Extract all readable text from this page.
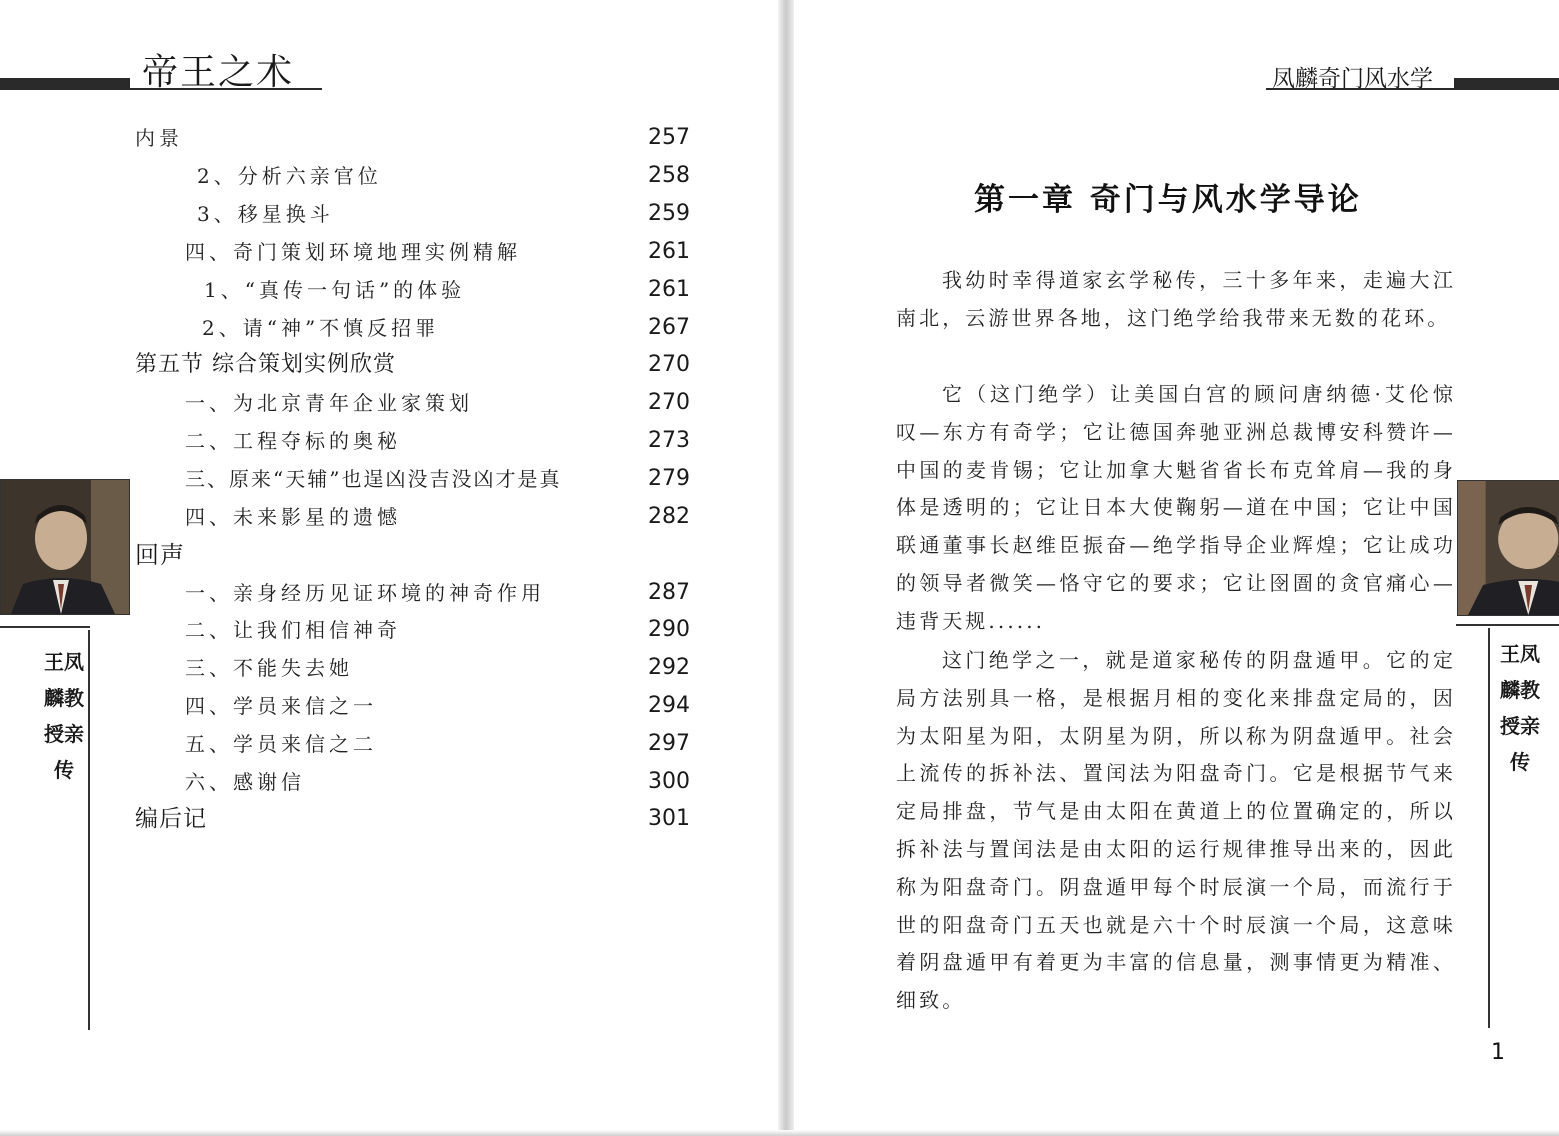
帝王之术
内景	257
2、分析六亲官位	258
3、移星换斗	259
四、奇门策划环境地理实例精解	261
1、“真传一句话”的体验	261
2、请“神”不慎反招罪	267
第五节 综合策划实例欣赏	270
一、为北京青年企业家策划	270
二、工程夺标的奥秘	273
三、原来“天辅”也逞凶没吉没凶才是真	279
四、未来影星的遗憾	282
回声
一、亲身经历见证环境的神奇作用	287
二、让我们相信神奇	290
三、不能失去她	292
四、学员来信之一	294
五、学员来信之二	297
六、感谢信	300
编后记	301
王凤麟教授亲传
凤麟奇门风水学
第一章 奇门与风水学导论
我幼时幸得道家玄学秘传，三十多年来，走遍大江南北，云游世界各地，这门绝学给我带来无数的花环。
它（这门绝学）让美国白宫的顾问唐纳德·艾伦惊叹—东方有奇学；它让德国奔驰亚洲总裁博安科赞许—中国的麦肯锡；它让加拿大魁省省长布克耸肩—我的身体是透明的；它让日本大使鞠躬—道在中国；它让中国联通董事长赵维臣振奋—绝学指导企业辉煌；它让成功的领导者微笑—恪守它的要求；它让囹圄的贪官痛心—违背天规......
这门绝学之一，就是道家秘传的阴盘遁甲。它的定局方法别具一格，是根据月相的变化来排盘定局的，因为太阳星为阳，太阴星为阴，所以称为阴盘遁甲。社会上流传的拆补法、置闰法为阳盘奇门。它是根据节气来定局排盘，节气是由太阳在黄道上的位置确定的，所以拆补法与置闰法是由太阳的运行规律推导出来的，因此称为阳盘奇门。阴盘遁甲每个时辰演一个局，而流行于世的阳盘奇门五天也就是六十个时辰演一个局，这意味着阴盘遁甲有着更为丰富的信息量，测事情更为精准、细致。
王凤麟教授亲传
1
